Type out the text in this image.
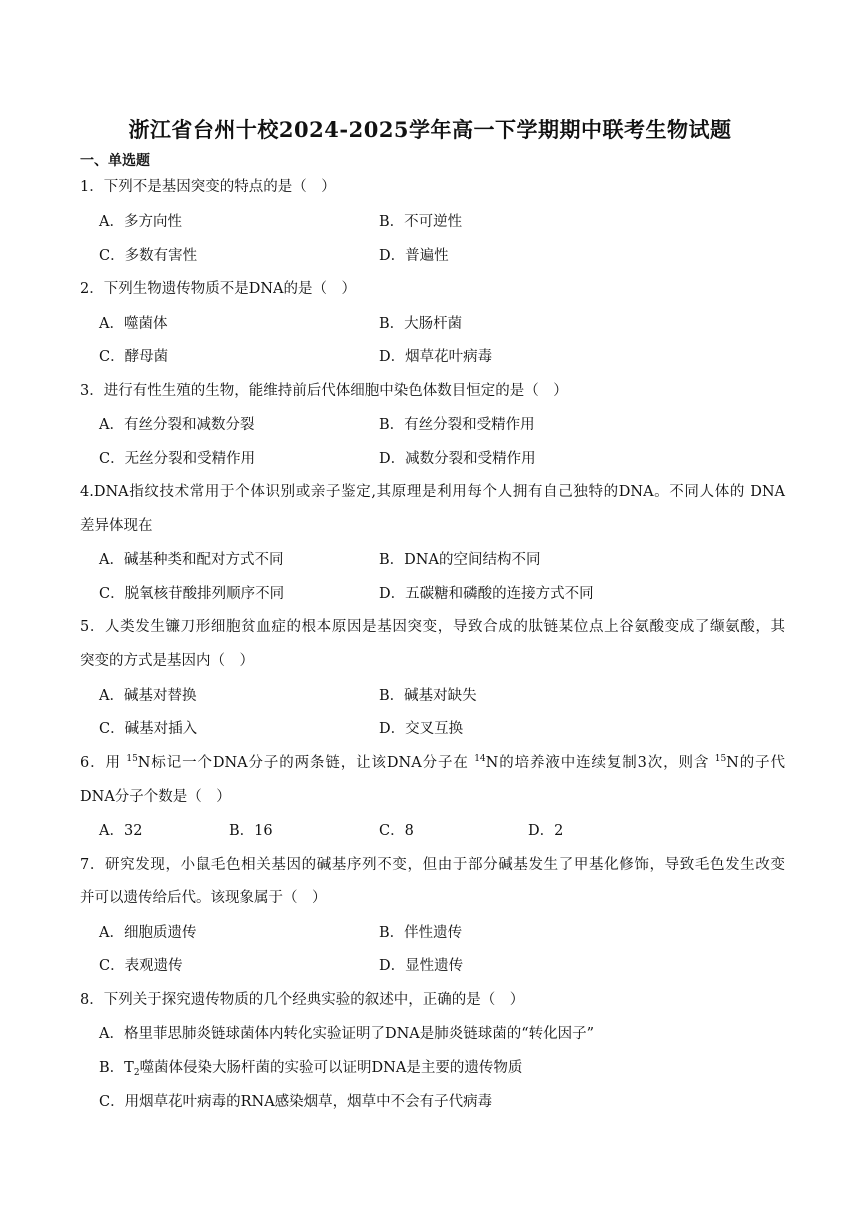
浙江省台州十校2024-2025学年高一下学期期中联考生物试题
一、单选题
1．下列不是基因突变的特点的是（　）
A．多方向性	B．不可逆性
C．多数有害性	D．普遍性
2．下列生物遗传物质不是DNA的是（　）
A．噬菌体	B．大肠杆菌
C．酵母菌	D．烟草花叶病毒
3．进行有性生殖的生物，能维持前后代体细胞中染色体数目恒定的是（　）
A．有丝分裂和减数分裂	B．有丝分裂和受精作用
C．无丝分裂和受精作用	D．减数分裂和受精作用
4.DNA指纹技术常用于个体识别或亲子鉴定,其原理是利用每个人拥有自己独特的DNA。不同人体的 DNA
差异体现在
A．碱基种类和配对方式不同	B．DNA的空间结构不同
C．脱氧核苷酸排列顺序不同	D．五碳糖和磷酸的连接方式不同
5．人类发生镰刀形细胞贫血症的根本原因是基因突变，导致合成的肽链某位点上谷氨酸变成了缬氨酸，其
突变的方式是基因内（　）
A．碱基对替换	B．碱基对缺失
C．碱基对插入	D．交叉互换
6．用 $^{15}$N标记一个DNA分子的两条链，让该DNA分子在 $^{14}$N的培养液中连续复制3次，则含 $^{15}$N的子代
DNA分子个数是（　）
A．32	B．16	C．8	D．2
7．研究发现，小鼠毛色相关基因的碱基序列不变，但由于部分碱基发生了甲基化修饰，导致毛色发生改变
并可以遗传给后代。该现象属于（　）
A．细胞质遗传	B．伴性遗传
C．表观遗传	D．显性遗传
8．下列关于探究遗传物质的几个经典实验的叙述中，正确的是（　）
A．格里菲思肺炎链球菌体内转化实验证明了DNA是肺炎链球菌的“转化因子”
B．$T_2$噬菌体侵染大肠杆菌的实验可以证明DNA是主要的遗传物质
C．用烟草花叶病毒的RNA感染烟草，烟草中不会有子代病毒
